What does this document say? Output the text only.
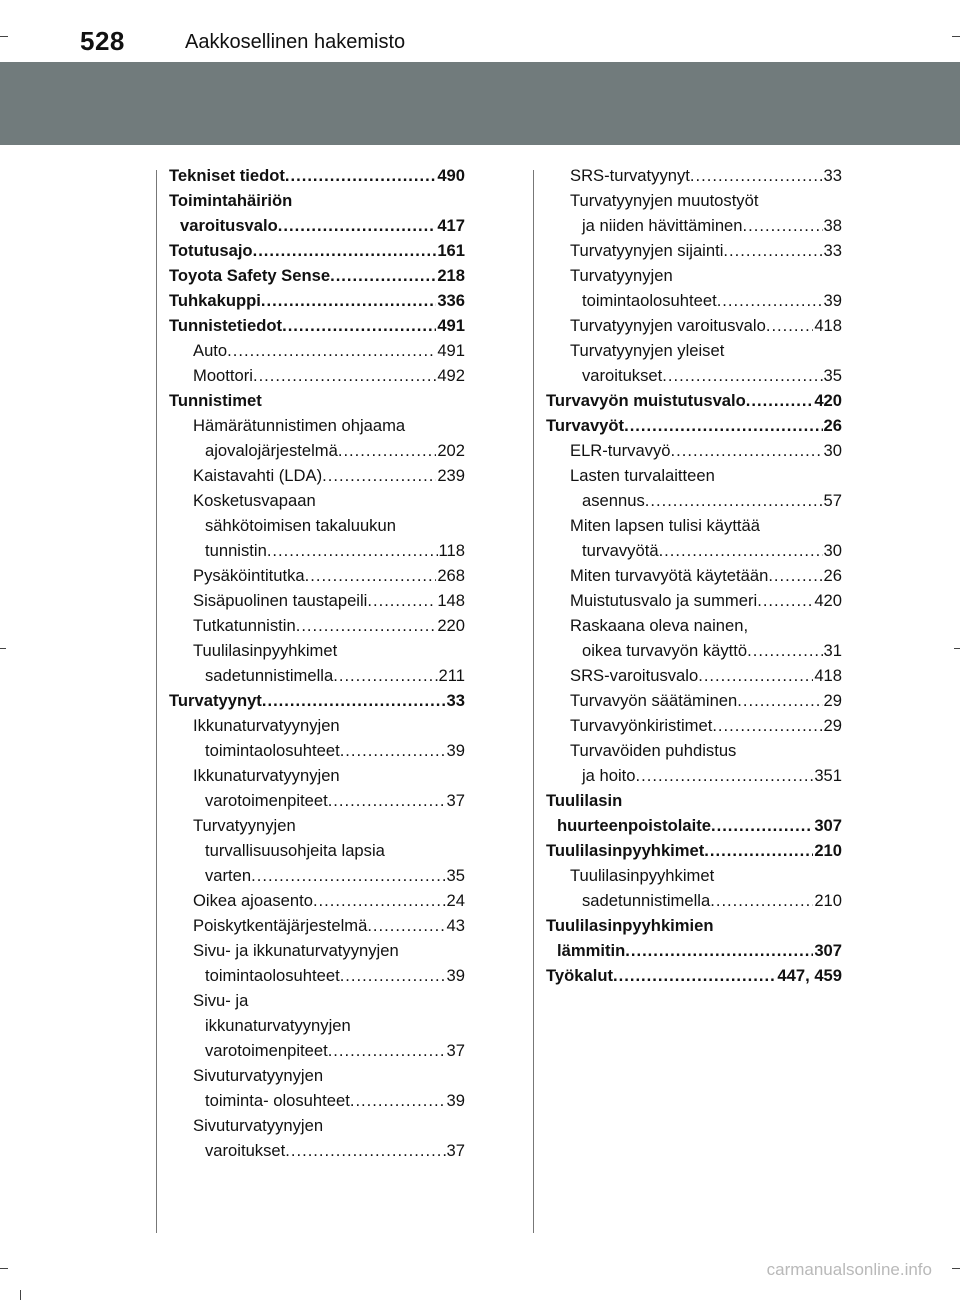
528	Aakkosellinen hakemisto
Tekniset tiedot .....	490
Toimintahäiriön
varoitusvalo .....	417
Totutusajo .....	161
Toyota Safety Sense .....	218
Tuhkakuppi .....	336
Tunnistetiedot .....	491
Auto .....	491
Moottori .....	492
Tunnistimet
Hämärätunnistimen ohjaama
ajovalojärjestelmä .....	202
Kaistavahti (LDA) .....	239
Kosketusvapaan
sähkötoimisen takaluukun
tunnistin .....	118
Pysäköintitutka .....	268
Sisäpuolinen taustapeili .....	148
Tutkatunnistin .....	220
Tuulilasinpyyhkimet
sadetunnistimella .....	211
Turvatyynyt .....	33
Ikkunaturvatyynyjen
toimintaolosuhteet .....	39
Ikkunaturvatyynyjen
varotoimenpiteet .....	37
Turvatyynyjen
turvallisuusohjeita lapsia
varten .....	35
Oikea ajoasento .....	24
Poiskytkentäjärjestelmä .....	43
Sivu- ja ikkunaturvatyynyjen
toimintaolosuhteet .....	39
Sivu- ja
ikkunaturvatyynyjen
varotoimenpiteet .....	37
Sivuturvatyynyjen
toiminta- olosuhteet .....	39
Sivuturvatyynyjen
varoitukset .....	37
SRS-turvatyynyt .....	33
Turvatyynyjen muutostyöt
ja niiden hävittäminen .....	38
Turvatyynyjen sijainti .....	33
Turvatyynyjen
toimintaolosuhteet .....	39
Turvatyynyjen varoitusvalo .....	418
Turvatyynyjen yleiset
varoitukset .....	35
Turvavyön muistutusvalo .....	420
Turvavyöt .....	26
ELR-turvavyö .....	30
Lasten turvalaitteen
asennus .....	57
Miten lapsen tulisi käyttää
turvavyötä .....	30
Miten turvavyötä käytetään .....	26
Muistutusvalo ja summeri .....	420
Raskaana oleva nainen,
oikea turvavyön käyttö .....	31
SRS-varoitusvalo .....	418
Turvavyön säätäminen .....	29
Turvavyönkiristimet .....	29
Turvavöiden puhdistus
ja hoito .....	351
Tuulilasin
huurteenpoistolaite .....	307
Tuulilasinpyyhkimet .....	210
Tuulilasinpyyhkimet
sadetunnistimella .....	210
Tuulilasinpyyhkimien
lämmitin .....	307
Työkalut .....	447, 459
carmanualsonline.info
